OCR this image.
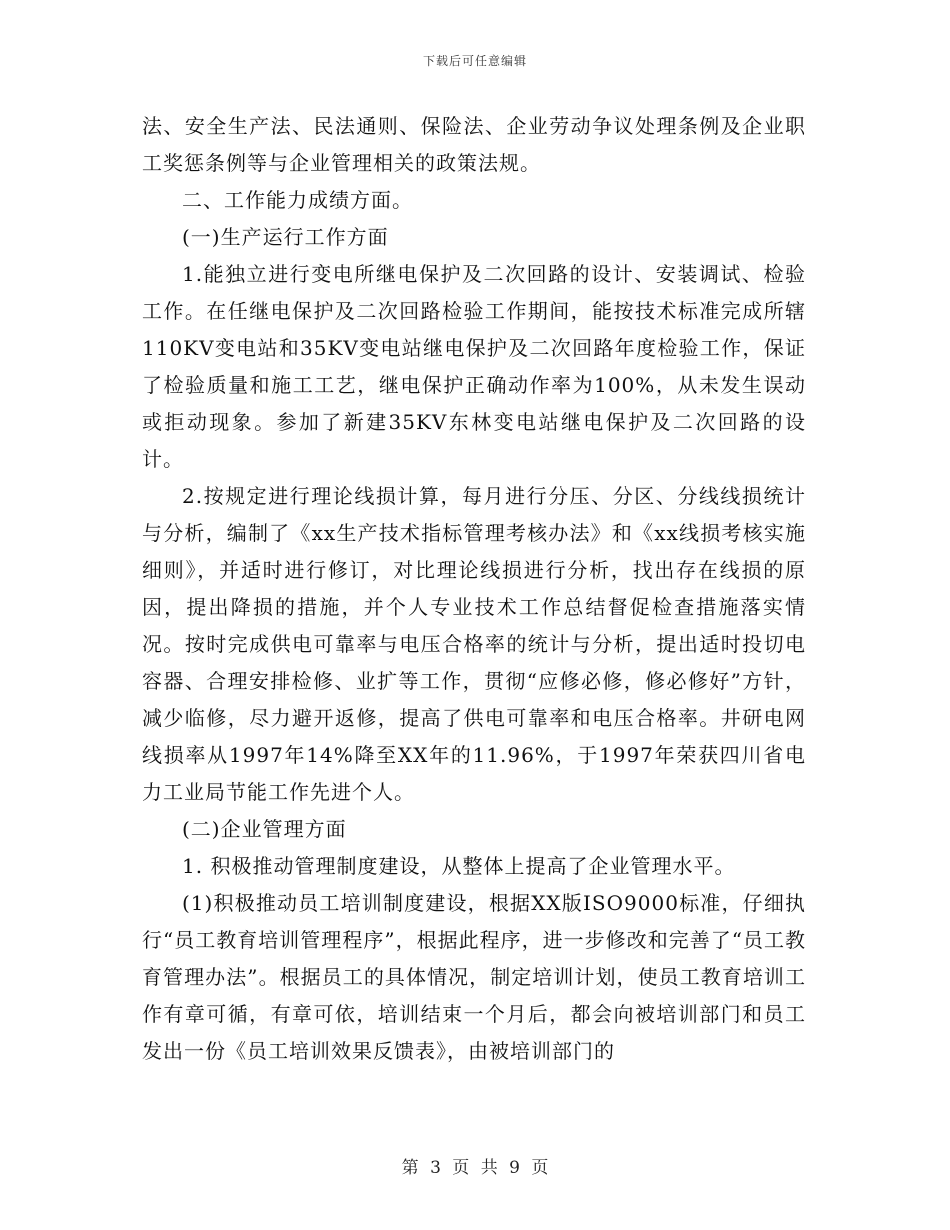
下载后可任意编辑

法、安全生产法、民法通则、保险法、企业劳动争议处理条例及企业职工奖惩条例等与企业管理相关的政策法规。

二、工作能力成绩方面。

(一)生产运行工作方面

1.能独立进行变电所继电保护及二次回路的设计、安装调试、检验工作。在任继电保护及二次回路检验工作期间，能按技术标准完成所辖110KV变电站和35KV变电站继电保护及二次回路年度检验工作，保证了检验质量和施工工艺，继电保护正确动作率为100%，从未发生误动或拒动现象。参加了新建35KV东林变电站继电保护及二次回路的设计。

2.按规定进行理论线损计算，每月进行分压、分区、分线线损统计与分析，编制了《xx生产技术指标管理考核办法》和《xx线损考核实施细则》，并适时进行修订，对比理论线损进行分析，找出存在线损的原因，提出降损的措施，并个人专业技术工作总结督促检查措施落实情况。按时完成供电可靠率与电压合格率的统计与分析，提出适时投切电容器、合理安排检修、业扩等工作，贯彻“应修必修，修必修好”方针，减少临修，尽力避开返修，提高了供电可靠率和电压合格率。井研电网线损率从1997年14%降至XX年的11.96%，于1997年荣获四川省电力工业局节能工作先进个人。

(二)企业管理方面

1. 积极推动管理制度建设，从整体上提高了企业管理水平。

(1)积极推动员工培训制度建设，根据XX版ISO9000标准，仔细执行“员工教育培训管理程序”，根据此程序，进一步修改和完善了“员工教育管理办法”。根据员工的具体情况，制定培训计划，使员工教育培训工作有章可循，有章可依，培训结束一个月后，都会向被培训部门和员工发出一份《员工培训效果反馈表》，由被培训部门的

第 3 页 共 9 页
